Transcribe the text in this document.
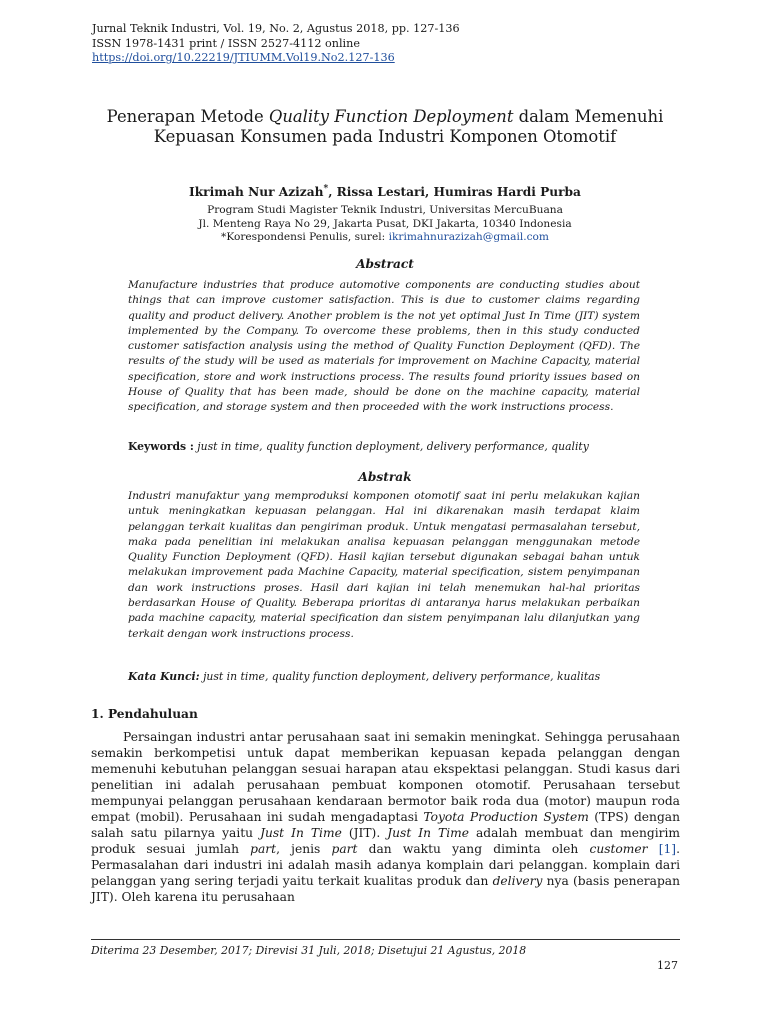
Jurnal Teknik Industri, Vol. 19, No. 2, Agustus 2018, pp. 127-136
ISSN 1978-1431 print / ISSN 2527-4112 online
https://doi.org/10.22219/JTIUMM.Vol19.No2.127-136
Penerapan Metode Quality Function Deployment dalam Memenuhi Kepuasan Konsumen pada Industri Komponen Otomotif
Ikrimah Nur Azizah*, Rissa Lestari, Humiras Hardi Purba
Program Studi Magister Teknik Industri, Universitas MercuBuana
Jl. Menteng Raya No 29, Jakarta Pusat, DKI Jakarta, 10340 Indonesia
*Korespondensi Penulis, surel: ikrimahnurazizah@gmail.com
Abstract
Manufacture industries that produce automotive components are conducting studies about things that can improve customer satisfaction. This is due to customer claims regarding quality and product delivery. Another problem is the not yet optimal Just In Time (JIT) system implemented by the Company. To overcome these problems, then in this study conducted customer satisfaction analysis using the method of Quality Function Deployment (QFD). The results of the study will be used as materials for improvement on Machine Capacity, material specification, store and work instructions process. The results found priority issues based on House of Quality that has been made, should be done on the machine capacity, material specification, and storage system and then proceeded with the work instructions process.
Keywords : just in time, quality function deployment, delivery performance, quality
Abstrak
Industri manufaktur yang memproduksi komponen otomotif saat ini perlu melakukan kajian untuk meningkatkan kepuasan pelanggan. Hal ini dikarenakan masih terdapat klaim pelanggan terkait kualitas dan pengiriman produk. Untuk mengatasi permasalahan tersebut, maka pada penelitian ini melakukan analisa kepuasan pelanggan menggunakan metode Quality Function Deployment (QFD). Hasil kajian tersebut digunakan sebagai bahan untuk melakukan improvement pada Machine Capacity, material specification, sistem penyimpanan dan work instructions proses. Hasil dari kajian ini telah menemukan hal-hal prioritas berdasarkan House of Quality. Beberapa prioritas di antaranya harus melakukan perbaikan pada machine capacity, material specification dan sistem penyimpanan lalu dilanjutkan yang terkait dengan work instructions process.
Kata Kunci: just in time, quality function deployment, delivery performance, kualitas
1. Pendahuluan

Persaingan industri antar perusahaan saat ini semakin meningkat. Sehingga perusahaan semakin berkompetisi untuk dapat memberikan kepuasan kepada pelanggan dengan memenuhi kebutuhan pelanggan sesuai harapan atau ekspektasi pelanggan. Studi kasus dari penelitian ini adalah perusahaan pembuat komponen otomotif. Perusahaan tersebut mempunyai pelanggan perusahaan kendaraan bermotor baik roda dua (motor) maupun roda empat (mobil). Perusahaan ini sudah mengadaptasi Toyota Production System (TPS) dengan salah satu pilarnya yaitu Just In Time (JIT). Just In Time adalah membuat dan mengirim produk sesuai jumlah part, jenis part dan waktu yang diminta oleh customer [1]. Permasalahan dari industri ini adalah masih adanya komplain dari pelanggan. komplain dari pelanggan yang sering terjadi yaitu terkait kualitas produk dan delivery nya (basis penerapan JIT). Oleh karena itu perusahaan

Diterima 23 Desember, 2017; Direvisi 31 Juli, 2018; Disetujui 21 Agustus, 2018
127
